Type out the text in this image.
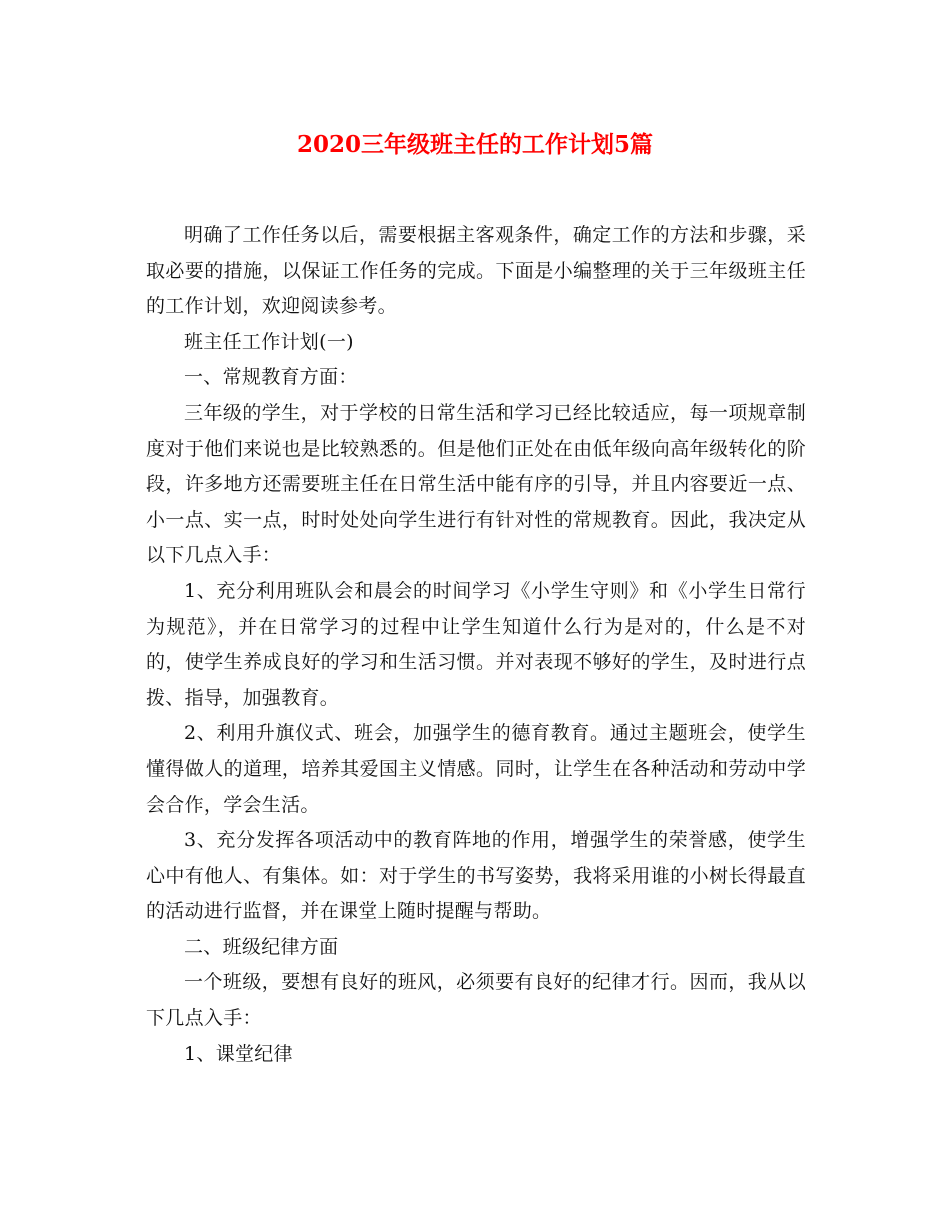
2020三年级班主任的工作计划5篇

明确了工作任务以后，需要根据主客观条件，确定工作的方法和步骤，采取必要的措施，以保证工作任务的完成。下面是小编整理的关于三年级班主任的工作计划，欢迎阅读参考。

班主任工作计划(一)

一、常规教育方面：

三年级的学生，对于学校的日常生活和学习已经比较适应，每一项规章制度对于他们来说也是比较熟悉的。但是他们正处在由低年级向高年级转化的阶段，许多地方还需要班主任在日常生活中能有序的引导，并且内容要近一点、小一点、实一点，时时处处向学生进行有针对性的常规教育。因此，我决定从以下几点入手：

1、充分利用班队会和晨会的时间学习《小学生守则》和《小学生日常行为规范》，并在日常学习的过程中让学生知道什么行为是对的，什么是不对的，使学生养成良好的学习和生活习惯。并对表现不够好的学生，及时进行点拨、指导，加强教育。

2、利用升旗仪式、班会，加强学生的德育教育。通过主题班会，使学生懂得做人的道理，培养其爱国主义情感。同时，让学生在各种活动和劳动中学会合作，学会生活。

3、充分发挥各项活动中的教育阵地的作用，增强学生的荣誉感，使学生心中有他人、有集体。如：对于学生的书写姿势，我将采用谁的小树长得最直的活动进行监督，并在课堂上随时提醒与帮助。

二、班级纪律方面

一个班级，要想有良好的班风，必须要有良好的纪律才行。因而，我从以下几点入手：

1、课堂纪律
